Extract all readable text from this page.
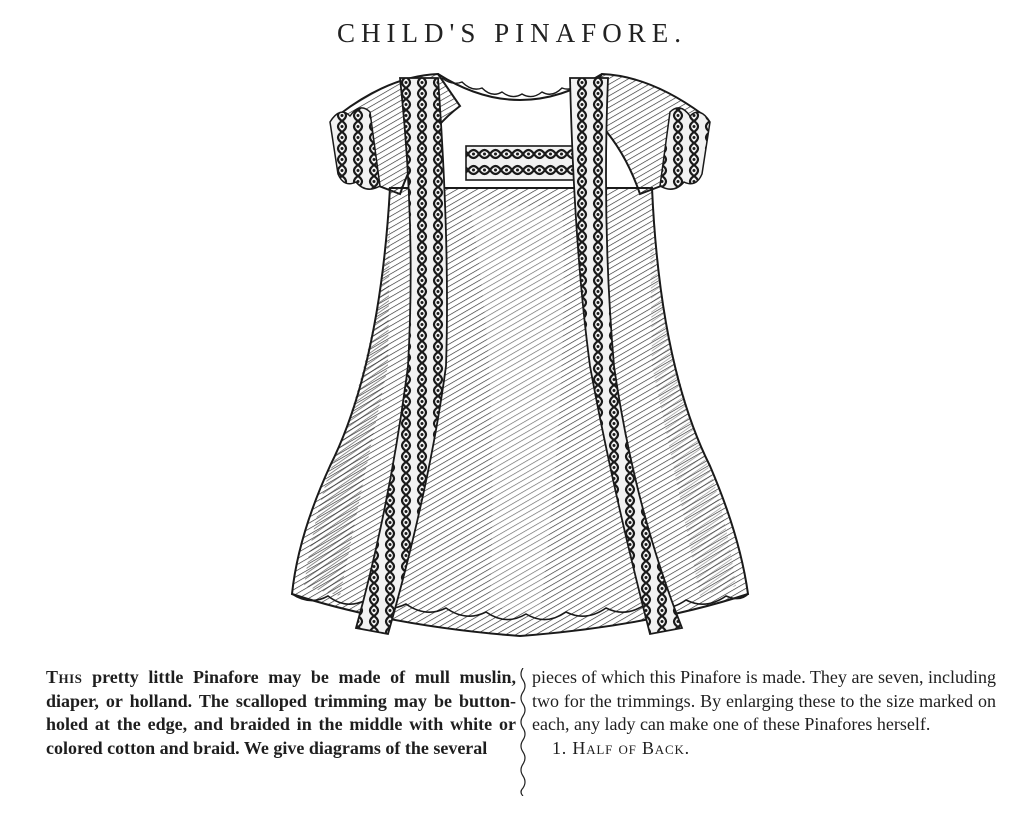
CHILD'S PINAFORE.

This pretty little Pinafore may be made of mull muslin, diaper, or holland. The scalloped trimming may be button-holed at the edge, and braided in the middle with white or colored cotton and braid. We give diagrams of the several

pieces of which this Pinafore is made. They are seven, including two for the trimmings. By enlarging these to the size marked on each, any lady can make one of these Pinafores herself.

1. Half of Back.
